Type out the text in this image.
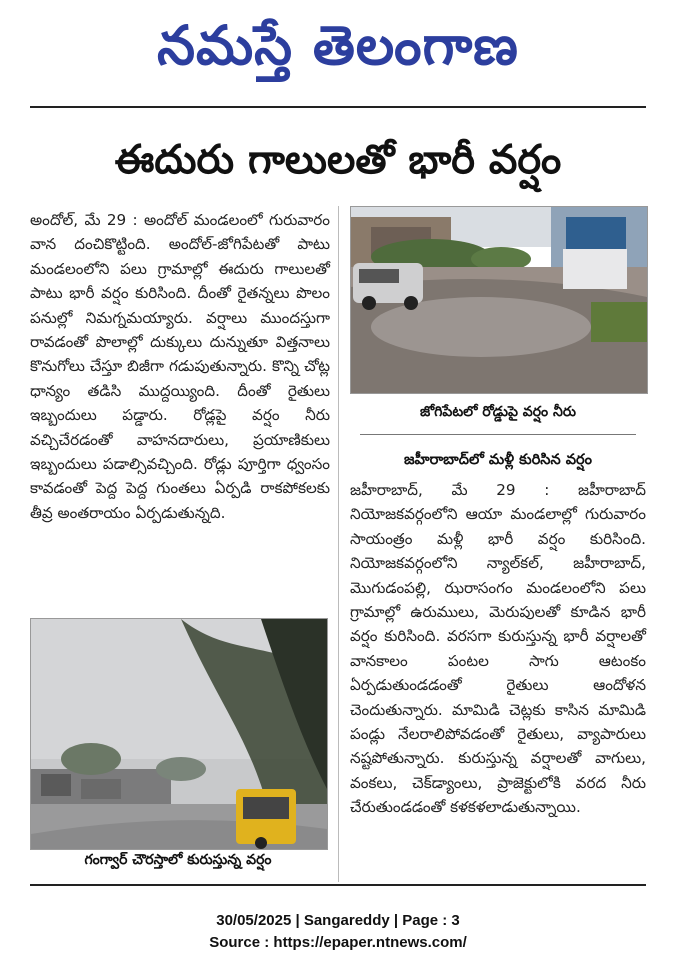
నమస్తే తెలంగాణ
ఈదురు గాలులతో భారీ వర్షం

అందోల్, మే 29 : అందోల్ మండలంలో గురువారం వాన దంచికొట్టింది. అందోల్-జోగిపేటతో పాటు మండలంలోని పలు గ్రామాల్లో ఈదురు గాలులతో పాటు భారీ వర్షం కురిసింది. దీంతో రైతన్నలు పొలం పనుల్లో నిమగ్నమయ్యారు. వర్షాలు ముందస్తుగా రావడంతో పొలాల్లో దుక్కులు దున్నుతూ విత్తనాలు కొనుగోలు చేస్తూ బిజీగా గడుపుతున్నారు. కొన్ని చోట్ల ధాన్యం తడిసి ముద్దయ్యింది. దీంతో రైతులు ఇబ్బందులు పడ్డారు. రోడ్లపై వర్షం నీరు వచ్చిచేరడంతో వాహనదారులు, ప్రయాణికులు ఇబ్బందులు పడాల్సివచ్చింది. రోడ్లు పూర్తిగా ధ్వంసం కావడంతో పెద్ద పెద్ద గుంతలు ఏర్పడి రాకపోకలకు తీవ్ర అంతరాయం ఏర్పడుతున్నది.

జోగిపేటలో రోడ్డుపై వర్షం నీరు
జహీరాబాద్‌లో మళ్లీ కురిసిన వర్షం

జహీరాబాద్, మే 29 : జహీరాబాద్ నియోజకవర్గంలోని ఆయా మండలాల్లో గురువారం సాయంత్రం మళ్లీ భారీ వర్షం కురిసింది. నియోజకవర్గంలోని న్యాల్‌కల్, జహీరాబాద్, మొగుడంపల్లి, ఝరాసంగం మండలంలోని పలు గ్రామాల్లో ఉరుములు, మెరుపులతో కూడిన భారీ వర్షం కురిసింది. వరసగా కురుస్తున్న భారీ వర్షాలతో వానకాలం పంటల సాగు ఆటంకం ఏర్పడుతుండడంతో రైతులు ఆందోళన చెందుతున్నారు. మామిడి చెట్లకు కాసిన మామిడి పండ్లు నేలరాలిపోవడంతో రైతులు, వ్యాపారులు నష్టపోతున్నారు. కురుస్తున్న వర్షాలతో వాగులు, వంకలు, చెక్‌డ్యాంలు, ప్రాజెక్టులోకి వరద నీరు చేరుతుండడంతో కళకళలాడుతున్నాయి.

గంగ్వార్ చౌరస్తాలో కురుస్తున్న వర్షం
30/05/2025 | Sangareddy | Page : 3
Source : https://epaper.ntnews.com/
